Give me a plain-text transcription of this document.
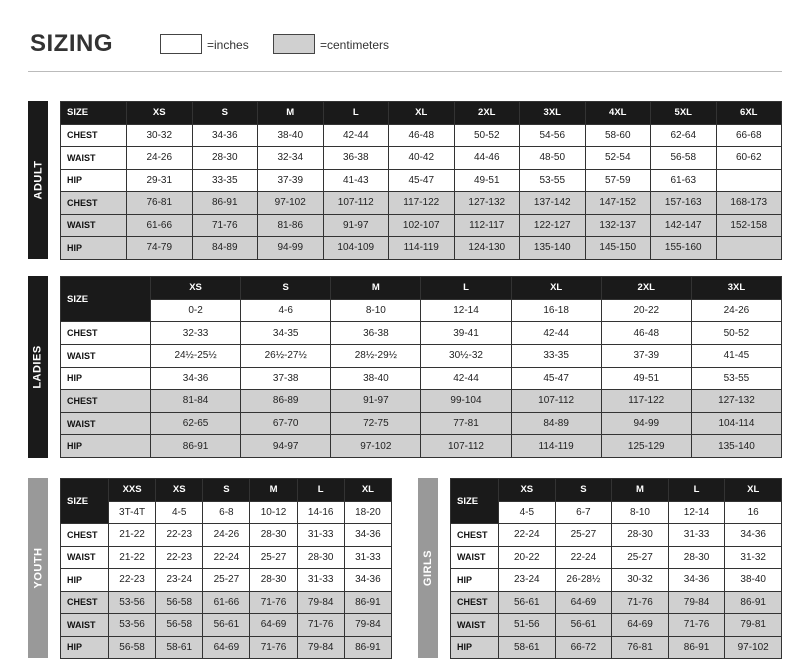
SIZING	=inches	=centimeters
ADULT
SIZE	XS	S	M	L	XL	2XL	3XL	4XL	5XL	6XL
CHEST	30-32	34-36	38-40	42-44	46-48	50-52	54-56	58-60	62-64	66-68
WAIST	24-26	28-30	32-34	36-38	40-42	44-46	48-50	52-54	56-58	60-62
HIP	29-31	33-35	37-39	41-43	45-47	49-51	53-55	57-59	61-63	
CHEST	76-81	86-91	97-102	107-112	117-122	127-132	137-142	147-152	157-163	168-173
WAIST	61-66	71-76	81-86	91-97	102-107	112-117	122-127	132-137	142-147	152-158
HIP	74-79	84-89	94-99	104-109	114-119	124-130	135-140	145-150	155-160	
LADIES
SIZE	XS	S	M	L	XL	2XL	3XL
	0-2	4-6	8-10	12-14	16-18	20-22	24-26
CHEST	32-33	34-35	36-38	39-41	42-44	46-48	50-52
WAIST	24½-25½	26½-27½	28½-29½	30½-32	33-35	37-39	41-45
HIP	34-36	37-38	38-40	42-44	45-47	49-51	53-55
CHEST	81-84	86-89	91-97	99-104	107-112	117-122	127-132
WAIST	62-65	67-70	72-75	77-81	84-89	94-99	104-114
HIP	86-91	94-97	97-102	107-112	114-119	125-129	135-140
YOUTH
SIZE	XXS	XS	S	M	L	XL
	3T-4T	4-5	6-8	10-12	14-16	18-20
CHEST	21-22	22-23	24-26	28-30	31-33	34-36
WAIST	21-22	22-23	22-24	25-27	28-30	31-33
HIP	22-23	23-24	25-27	28-30	31-33	34-36
CHEST	53-56	56-58	61-66	71-76	79-84	86-91
WAIST	53-56	56-58	56-61	64-69	71-76	79-84
HIP	56-58	58-61	64-69	71-76	79-84	86-91
GIRLS
SIZE	XS	S	M	L	XL
	4-5	6-7	8-10	12-14	16
CHEST	22-24	25-27	28-30	31-33	34-36
WAIST	20-22	22-24	25-27	28-30	31-32
HIP	23-24	26-28½	30-32	34-36	38-40
CHEST	56-61	64-69	71-76	79-84	86-91
WAIST	51-56	56-61	64-69	71-76	79-81
HIP	58-61	66-72	76-81	86-91	97-102
